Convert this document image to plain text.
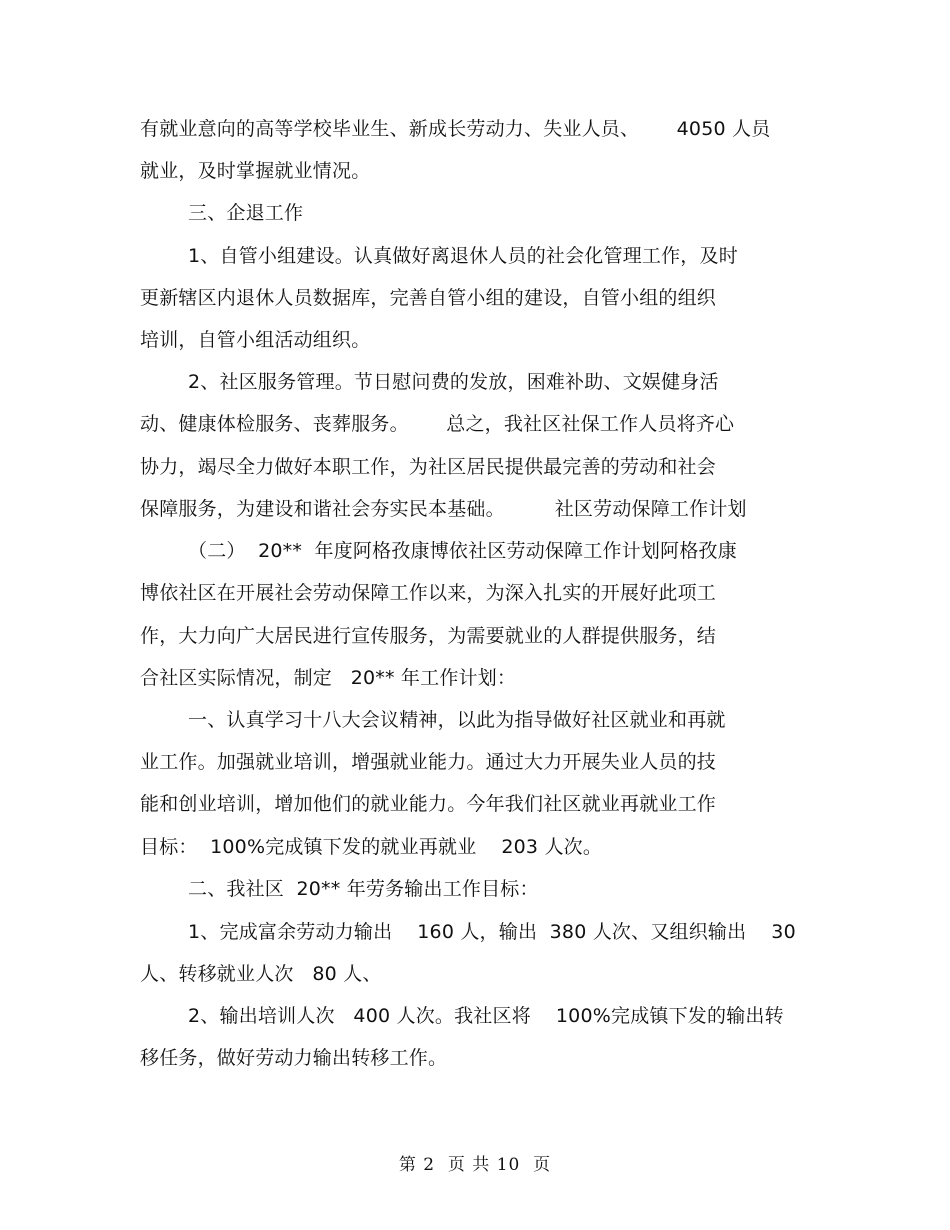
有就业意向的高等学校毕业生、新成长劳动力、失业人员、      4050 人员
就业，及时掌握就业情况。
三、企退工作
1、自管小组建设。认真做好离退休人员的社会化管理工作，及时
更新辖区内退休人员数据库，完善自管小组的建设，自管小组的组织
培训，自管小组活动组织。
2、社区服务管理。节日慰问费的发放，困难补助、文娱健身活
动、健康体检服务、丧葬服务。      总之，我社区社保工作人员将齐心
协力，竭尽全力做好本职工作，为社区居民提供最完善的劳动和社会
保障服务，为建设和谐社会夯实民本基础。        社区劳动保障工作计划
（二）  20**  年度阿格孜康博依社区劳动保障工作计划阿格孜康
博依社区在开展社会劳动保障工作以来，为深入扎实的开展好此项工
作，大力向广大居民进行宣传服务，为需要就业的人群提供服务，结
合社区实际情况，制定   20** 年工作计划：
一、认真学习十八大会议精神，以此为指导做好社区就业和再就
业工作。加强就业培训，增强就业能力。通过大力开展失业人员的技
能和创业培训，增加他们的就业能力。今年我们社区就业再就业工作
目标：  100%完成镇下发的就业再就业    203 人次。
二、我社区  20** 年劳务输出工作目标：
1、完成富余劳动力输出    160 人，输出  380 人次、又组织输出    30
人、转移就业人次   80 人、
2、输出培训人次   400 人次。我社区将    100%完成镇下发的输出转
移任务，做好劳动力输出转移工作。
第 2  页 共 10  页
